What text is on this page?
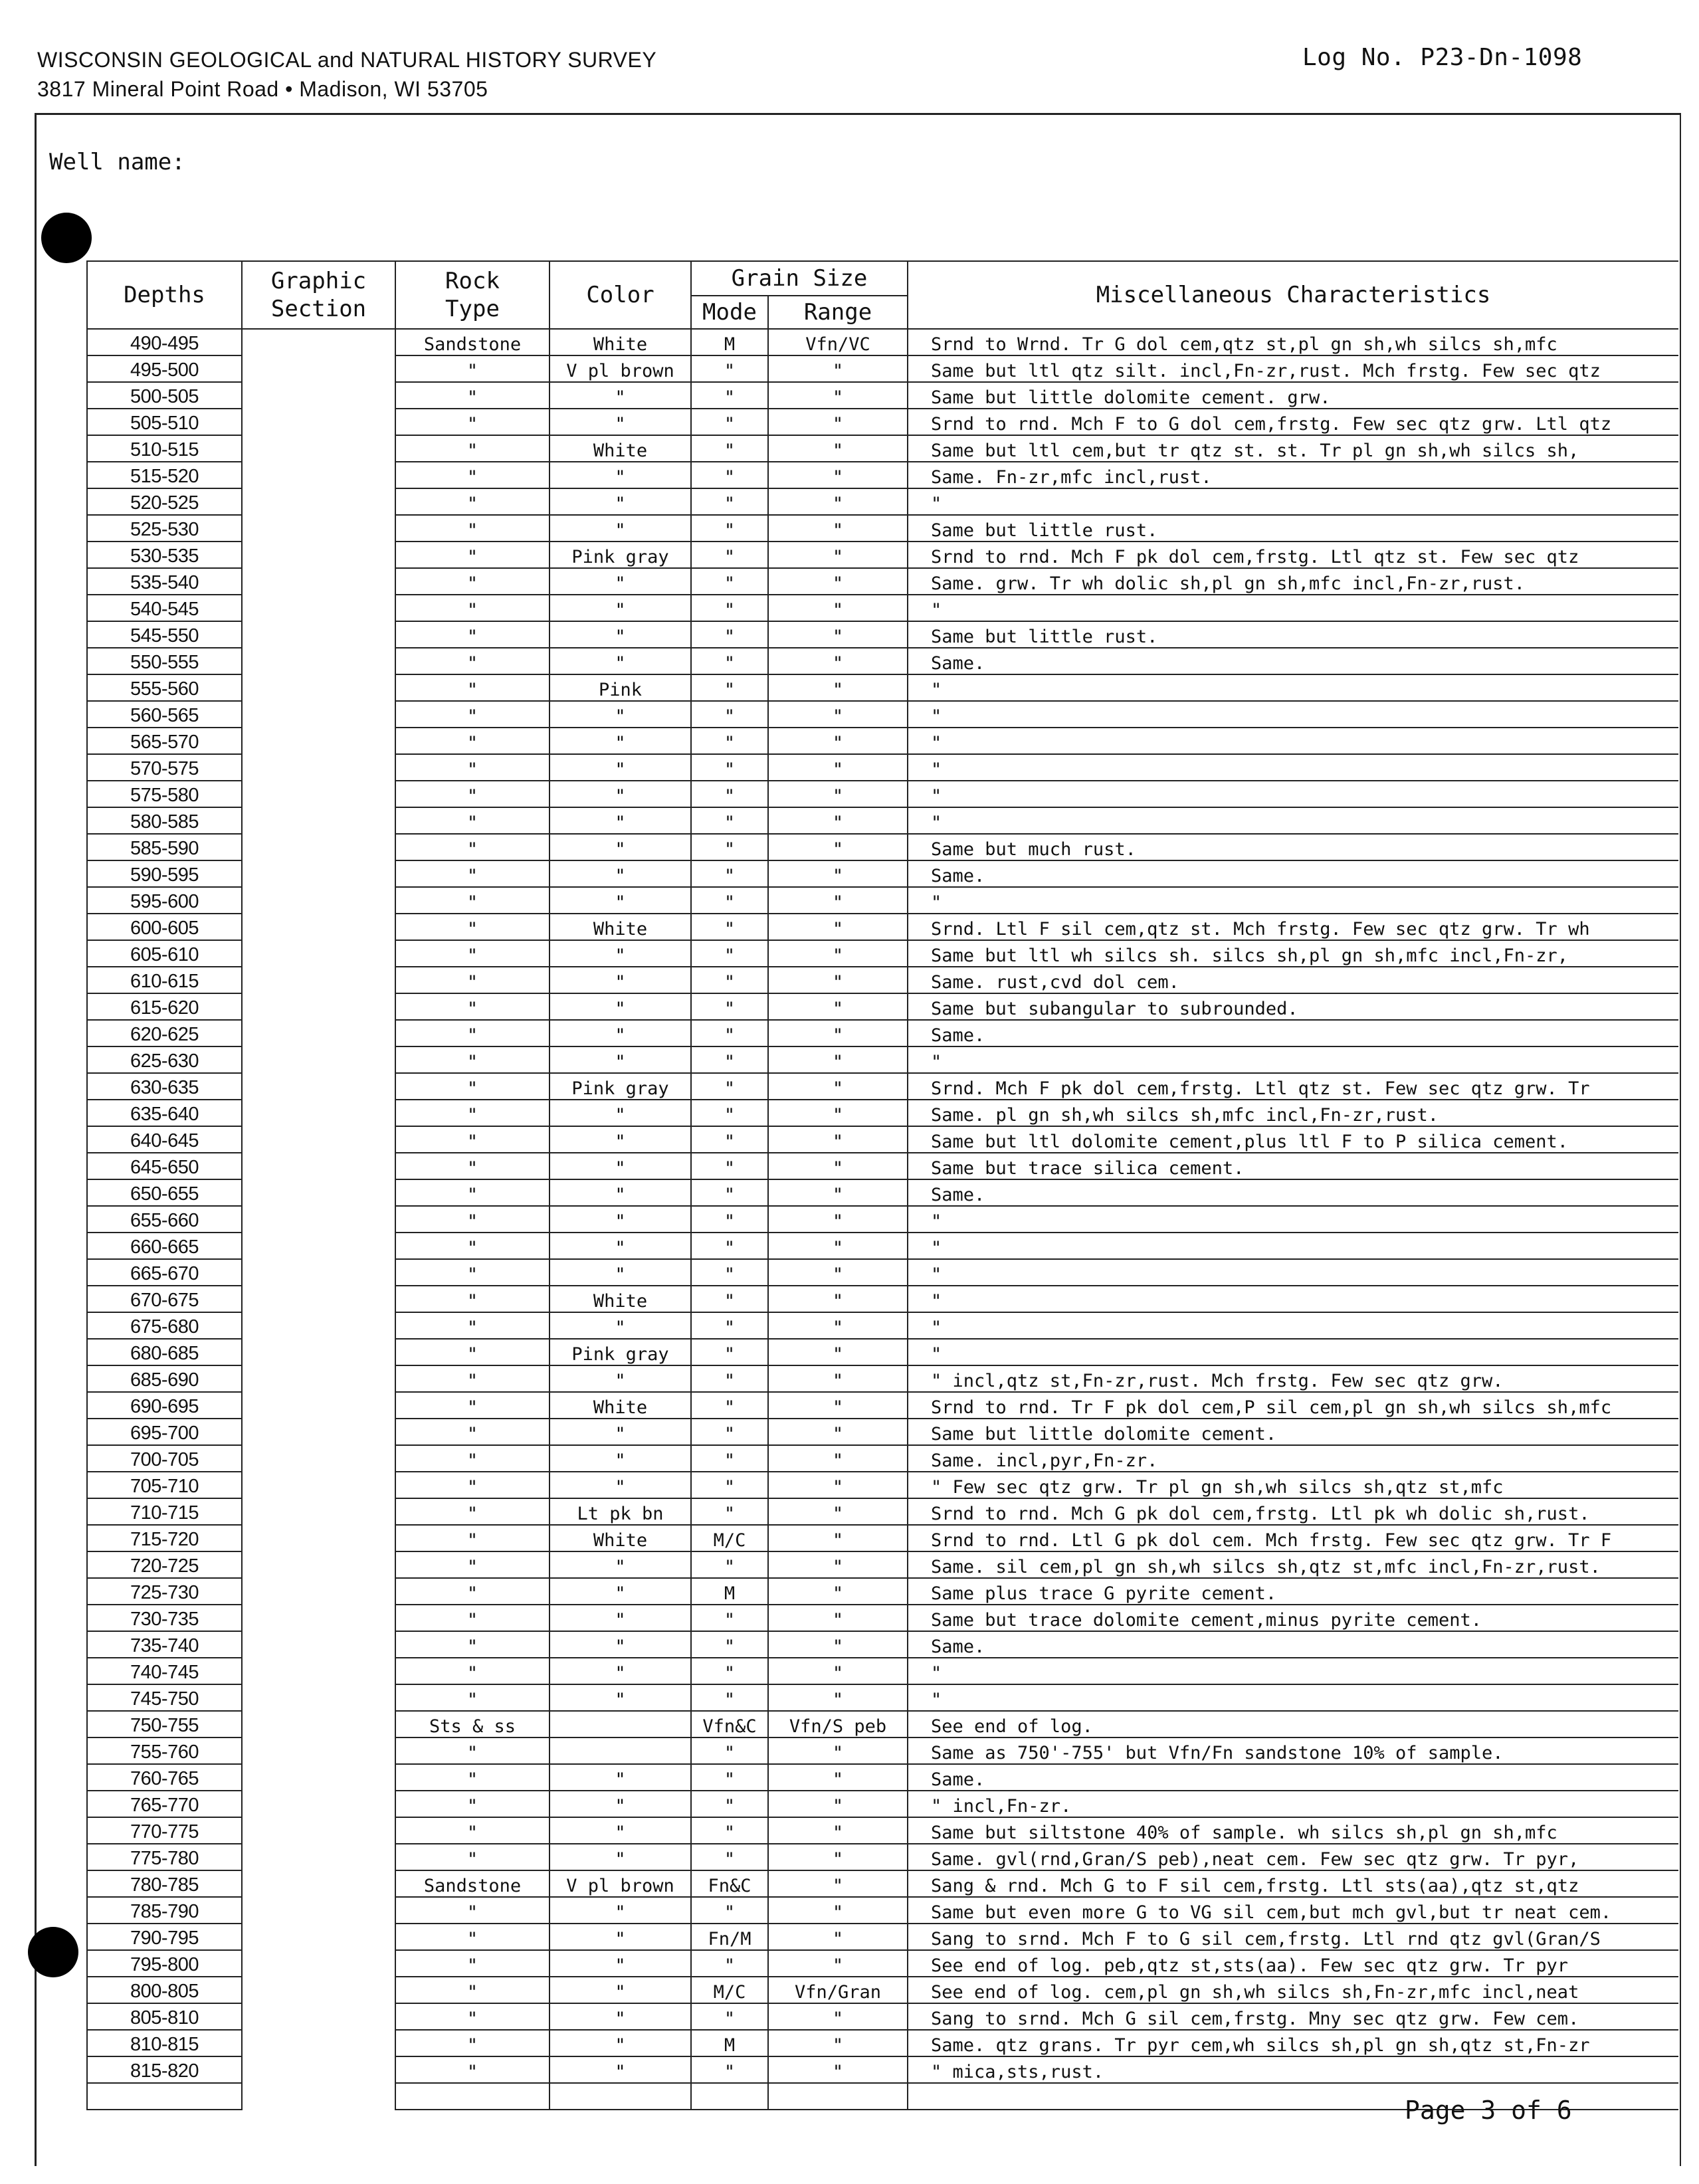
WISCONSIN GEOLOGICAL and NATURAL HISTORY SURVEY
3817 Mineral Point Road • Madison, WI 53705
Log No. P23-Dn-1098
Well name:
Depths	Graphic Section	Rock Type	Color	Grain Size		Miscellaneous Characteristics
				Mode	Range	
490-495		Sandstone	White	M	Vfn/VC	Srnd to Wrnd. Tr G dol cem,qtz st,pl gn sh,wh silcs sh,mfc
495-500		"	V pl brown	"	"	Same but ltl qtz silt. incl,Fn-zr,rust. Mch frstg. Few sec qtz
500-505		"	"	"	"	Same but little dolomite cement. grw.
505-510		"	"	"	"	Srnd to rnd. Mch F to G dol cem,frstg. Few sec qtz grw. Ltl qtz
510-515		"	White	"	"	Same but ltl cem,but tr qtz st. st. Tr pl gn sh,wh silcs sh,
515-520		"	"	"	"	Same. Fn-zr,mfc incl,rust.
520-525		"	"	"	"	"
525-530		"	"	"	"	Same but little rust.
530-535		"	Pink gray	"	"	Srnd to rnd. Mch F pk dol cem,frstg. Ltl qtz st. Few sec qtz
535-540		"	"	"	"	Same. grw. Tr wh dolic sh,pl gn sh,mfc incl,Fn-zr,rust.
540-545		"	"	"	"	"
545-550		"	"	"	"	Same but little rust.
550-555		"	"	"	"	Same.
555-560		"	Pink	"	"	"
560-565		"	"	"	"	"
565-570		"	"	"	"	"
570-575		"	"	"	"	"
575-580		"	"	"	"	"
580-585		"	"	"	"	"
585-590		"	"	"	"	Same but much rust.
590-595		"	"	"	"	Same.
595-600		"	"	"	"	"
600-605		"	White	"	"	Srnd. Ltl F sil cem,qtz st. Mch frstg. Few sec qtz grw. Tr wh
605-610		"	"	"	"	Same but ltl wh silcs sh. silcs sh,pl gn sh,mfc incl,Fn-zr,
610-615		"	"	"	"	Same. rust,cvd dol cem.
615-620		"	"	"	"	Same but subangular to subrounded.
620-625		"	"	"	"	Same.
625-630		"	"	"	"	"
630-635		"	Pink gray	"	"	Srnd. Mch F pk dol cem,frstg. Ltl qtz st. Few sec qtz grw. Tr
635-640		"	"	"	"	Same. pl gn sh,wh silcs sh,mfc incl,Fn-zr,rust.
640-645		"	"	"	"	Same but ltl dolomite cement,plus ltl F to P silica cement.
645-650		"	"	"	"	Same but trace silica cement.
650-655		"	"	"	"	Same.
655-660		"	"	"	"	"
660-665		"	"	"	"	"
665-670		"	"	"	"	"
670-675		"	White	"	"	"
675-680		"	"	"	"	"
680-685		"	Pink gray	"	"	"
685-690		"	"	"	"	" incl,qtz st,Fn-zr,rust. Mch frstg. Few sec qtz grw.
690-695		"	White	"	"	Srnd to rnd. Tr F pk dol cem,P sil cem,pl gn sh,wh silcs sh,mfc
695-700		"	"	"	"	Same but little dolomite cement.
700-705		"	"	"	"	Same. incl,pyr,Fn-zr.
705-710		"	"	"	"	" Few sec qtz grw. Tr pl gn sh,wh silcs sh,qtz st,mfc
710-715		"	Lt pk bn	"	"	Srnd to rnd. Mch G pk dol cem,frstg. Ltl pk wh dolic sh,rust.
715-720		"	White	M/C	"	Srnd to rnd. Ltl G pk dol cem. Mch frstg. Few sec qtz grw. Tr F
720-725		"	"	"	"	Same. sil cem,pl gn sh,wh silcs sh,qtz st,mfc incl,Fn-zr,rust.
725-730		"	"	M	"	Same plus trace G pyrite cement.
730-735		"	"	"	"	Same but trace dolomite cement,minus pyrite cement.
735-740		"	"	"	"	Same.
740-745		"	"	"	"	"
745-750		"	"	"	"	"
750-755		Sts & ss		Vfn&C	Vfn/S peb	See end of log.
755-760		"		"	"	Same as 750'-755' but Vfn/Fn sandstone 10% of sample.
760-765		"	"	"	"	Same.
765-770		"	"	"	"	" incl,Fn-zr.
770-775		"	"	"	"	Same but siltstone 40% of sample. wh silcs sh,pl gn sh,mfc
775-780		"	"	"	"	Same. gvl(rnd,Gran/S peb),neat cem. Few sec qtz grw. Tr pyr,
780-785		Sandstone	V pl brown	Fn&C	"	Sang & rnd. Mch G to F sil cem,frstg. Ltl sts(aa),qtz st,qtz
785-790		"	"	"	"	Same but even more G to VG sil cem,but mch gvl,but tr neat cem.
790-795		"	"	Fn/M	"	Sang to srnd. Mch F to G sil cem,frstg. Ltl rnd qtz gvl(Gran/S
795-800		"	"	"	"	See end of log. peb,qtz st,sts(aa). Few sec qtz grw. Tr pyr
800-805		"	"	M/C	Vfn/Gran	See end of log. cem,pl gn sh,wh silcs sh,Fn-zr,mfc incl,neat
805-810		"	"	"	"	Sang to srnd. Mch G sil cem,frstg. Mny sec qtz grw. Few cem.
810-815		"	"	M	"	Same. qtz grans. Tr pyr cem,wh silcs sh,pl gn sh,qtz st,Fn-zr
815-820		"	"	"	"	" mica,sts,rust.

Page 3 of 6
